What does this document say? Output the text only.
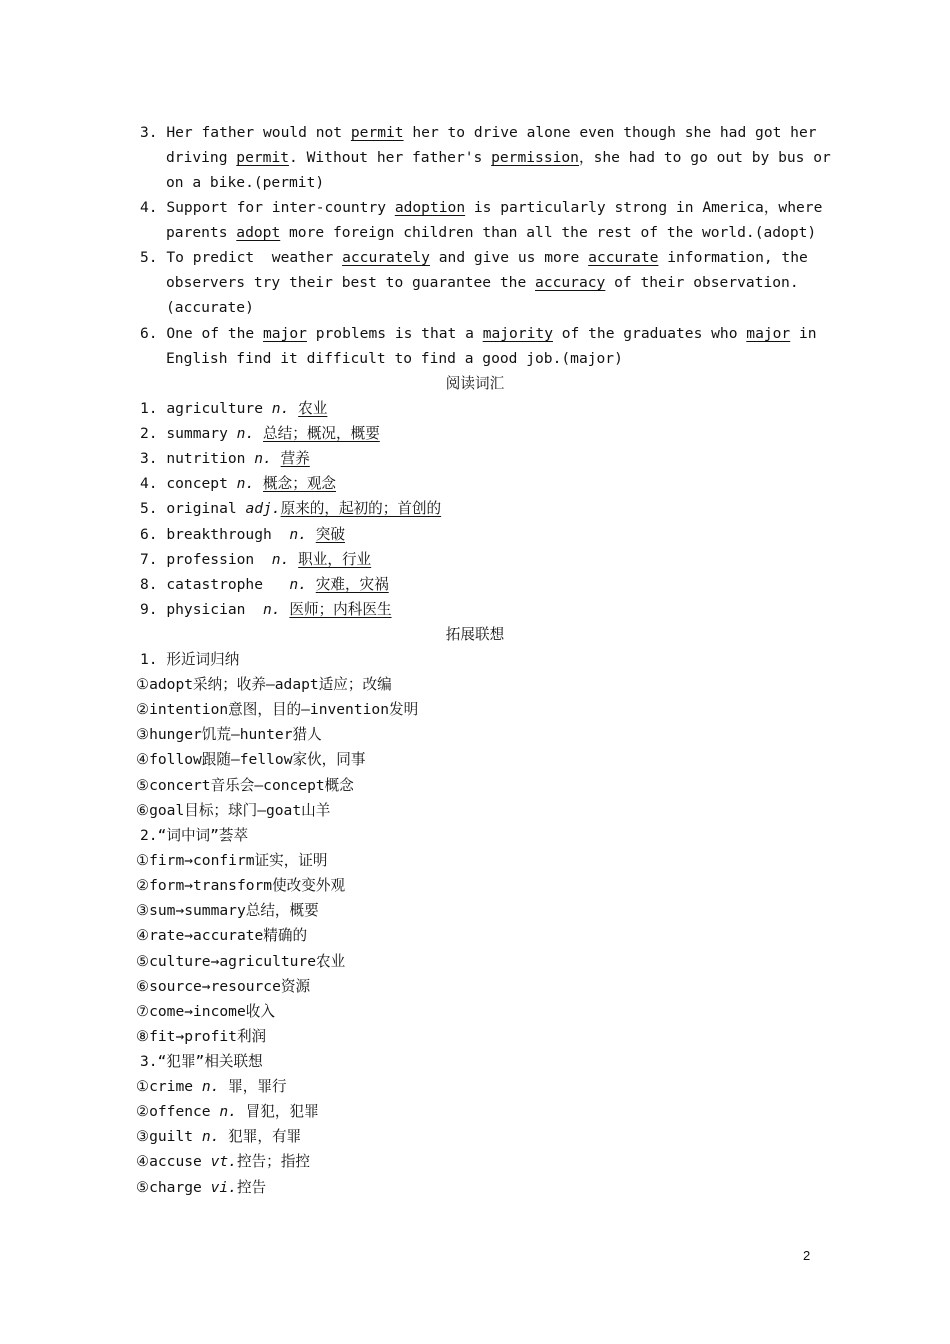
3. Her father would not permit her to drive alone even though she had got her
driving permit. Without her father's permission，she had to go out by bus or
on a bike.(permit)
4. Support for inter-country adoption is particularly strong in America，where
parents adopt more foreign children than all the rest of the world.(adopt)
5. To predict  weather accurately and give us more accurate information, the
observers try their best to guarantee the accuracy of their observation.
(accurate)
6. One of the major problems is that a majority of the graduates who major in
English find it difficult to find a good job.(major)
阅读词汇
1. agriculture n. 农业
2. summary n. 总结；概况，概要
3. nutrition n. 营养
4. concept n. 概念；观念
5. original adj.原来的，起初的；首创的
6. breakthrough  n. 突破
7. profession  n. 职业，行业
8. catastrophe   n. 灾难，灾祸
9. physician  n. 医师；内科医生
拓展联想
1. 形近词归纳
①adopt采纳；收养—adapt适应；改编
②intention意图，目的—invention发明
③hunger饥荒—hunter猎人
④follow跟随—fellow家伙，同事
⑤concert音乐会—concept概念
⑥goal目标；球门—goat山羊
2.“词中词”荟萃
①firm→confirm证实，证明
②form→transform使改变外观
③sum→summary总结，概要
④rate→accurate精确的
⑤culture→agriculture农业
⑥source→resource资源
⑦come→income收入
⑧fit→profit利润
3.“犯罪”相关联想
①crime n. 罪，罪行
②offence n. 冒犯，犯罪
③guilt n. 犯罪，有罪
④accuse vt.控告；指控
⑤charge vi.控告
2
